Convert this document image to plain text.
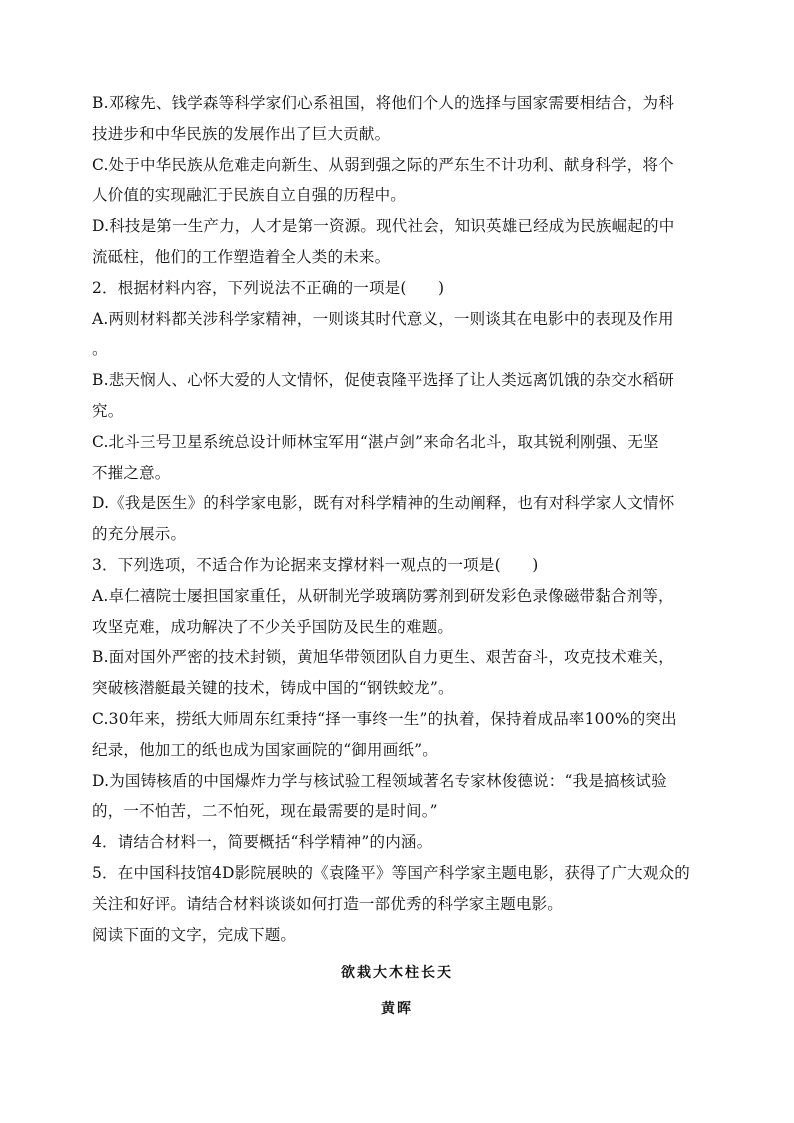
B.邓稼先、钱学森等科学家们心系祖国，将他们个人的选择与国家需要相结合，为科
技进步和中华民族的发展作出了巨大贡献。
C.处于中华民族从危难走向新生、从弱到强之际的严东生不计功利、献身科学，将个
人价值的实现融汇于民族自立自强的历程中。
D.科技是第一生产力，人才是第一资源。现代社会，知识英雄已经成为民族崛起的中
流砥柱，他们的工作塑造着全人类的未来。
2．根据材料内容，下列说法不正确的一项是(　　)
A.两则材料都关涉科学家精神，一则谈其时代意义，一则谈其在电影中的表现及作用
。
B.悲天悯人、心怀大爱的人文情怀，促使袁隆平选择了让人类远离饥饿的杂交水稻研
究。
C.北斗三号卫星系统总设计师林宝军用“湛卢剑”来命名北斗，取其锐利刚强、无坚
不摧之意。
D.《我是医生》的科学家电影，既有对科学精神的生动阐释，也有对科学家人文情怀
的充分展示。
3．下列选项，不适合作为论据来支撑材料一观点的一项是(　　)
A.卓仁禧院士屡担国家重任，从研制光学玻璃防雾剂到研发彩色录像磁带黏合剂等，
攻坚克难，成功解决了不少关乎国防及民生的难题。
B.面对国外严密的技术封锁，黄旭华带领团队自力更生、艰苦奋斗，攻克技术难关，
突破核潜艇最关键的技术，铸成中国的“钢铁蛟龙”。
C.30年来，捞纸大师周东红秉持“择一事终一生”的执着，保持着成品率100%的突出
纪录，他加工的纸也成为国家画院的“御用画纸”。
D.为国铸核盾的中国爆炸力学与核试验工程领域著名专家林俊德说：“我是搞核试验
的，一不怕苦，二不怕死，现在最需要的是时间。”
4．请结合材料一，简要概括“科学精神”的内涵。
5．在中国科技馆4D影院展映的《袁隆平》等国产科学家主题电影，获得了广大观众的
关注和好评。请结合材料谈谈如何打造一部优秀的科学家主题电影。
阅读下面的文字，完成下题。
欲栽大木柱长天
黄晖
